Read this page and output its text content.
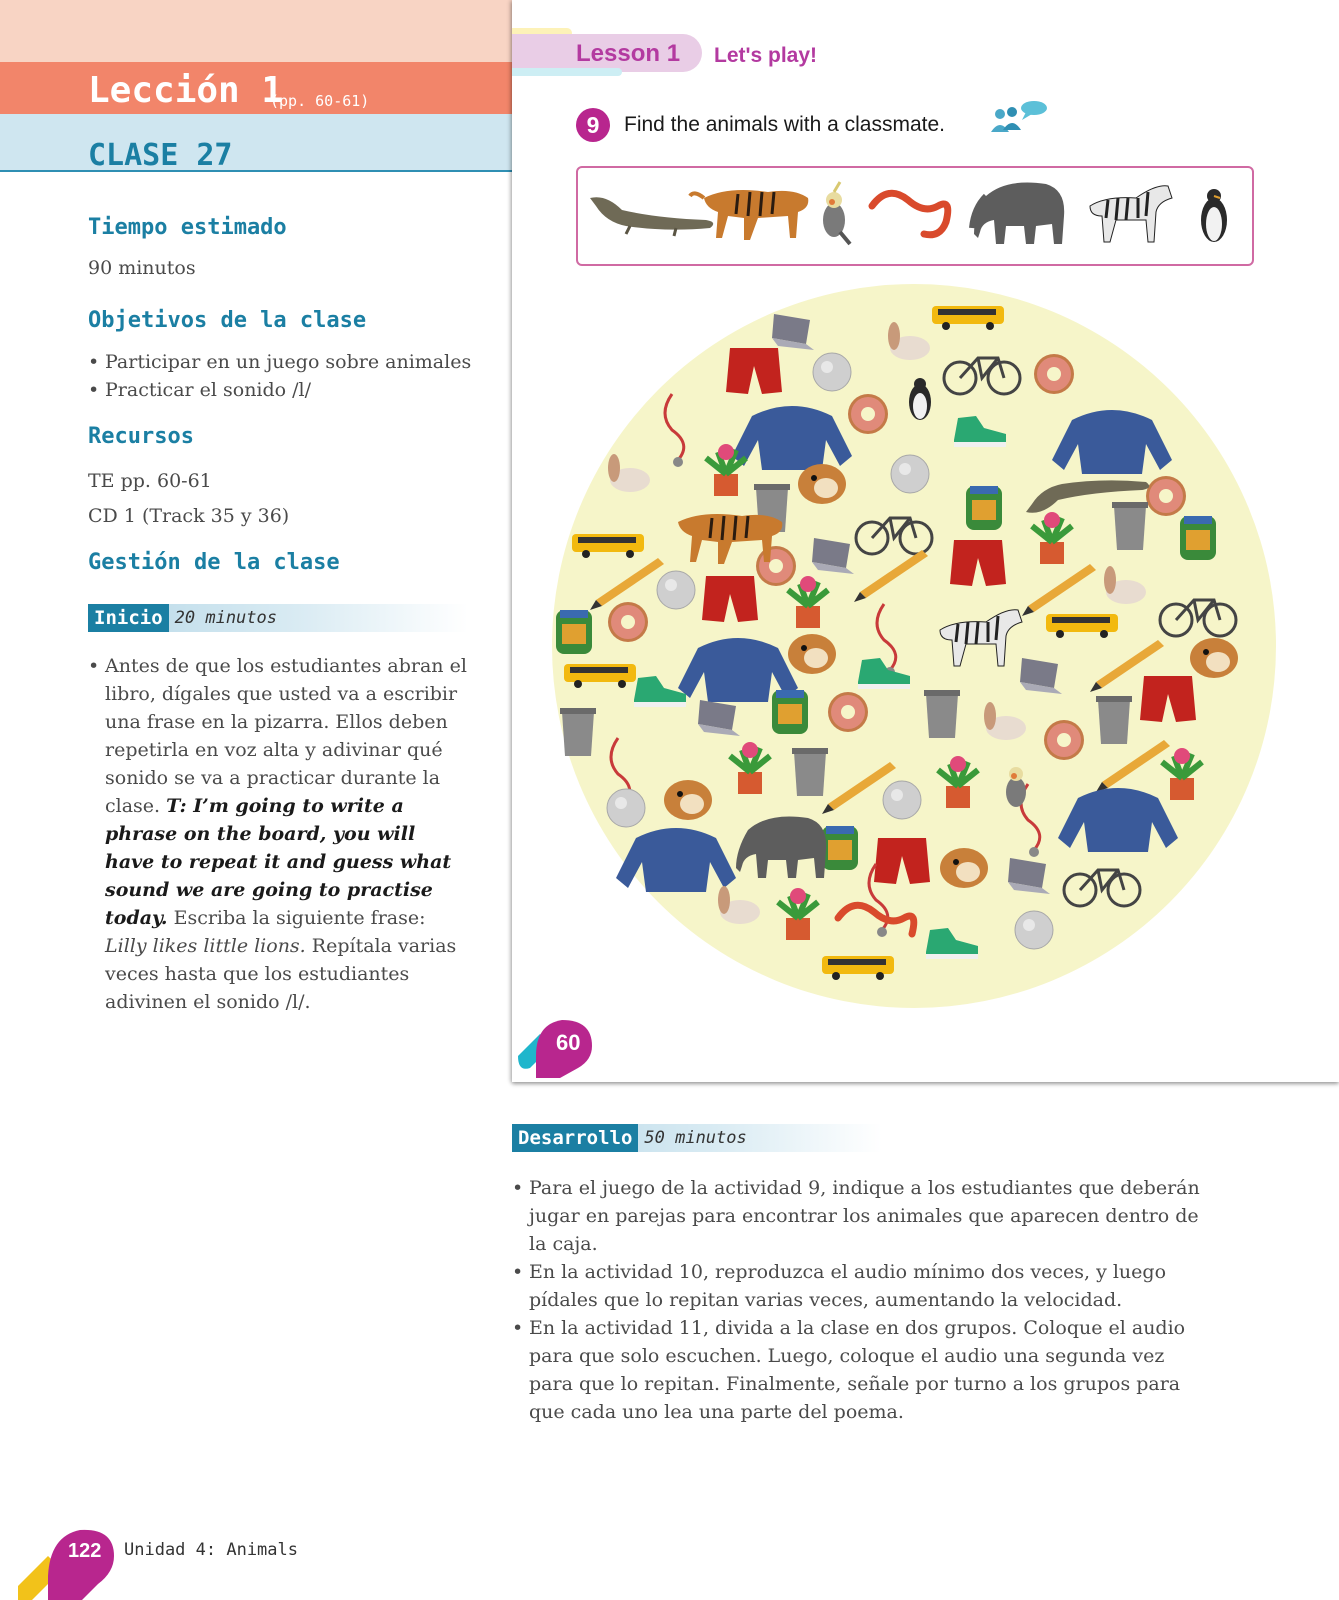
Lección 1
(pp. 60-61)
CLASE 27
Tiempo estimado
90 minutos
Objetivos de la clase
• Participar en un juego sobre animales
• Practicar el sonido /l/
Recursos
TE pp. 60-61
CD 1 (Track 35 y 36)
Gestión de la clase
Inicio 20 minutos
• Antes de que los estudiantes abran el libro, dígales que usted va a escribir una frase en la pizarra. Ellos deben repetirla en voz alta y adivinar qué sonido se va a practicar durante la clase. T: I’m going to write a phrase on the board, you will have to repeat it and guess what sound we are going to practise today. Escriba la siguiente frase: Lilly likes little lions. Repítala varias veces hasta que los estudiantes adivinen el sonido /l/.
Lesson 1 Let's play!
9	Find the animals with a classmate.
60
Desarrollo 50 minutos
• Para el juego de la actividad 9, indique a los estudiantes que deberán jugar en parejas para encontrar los animales que aparecen dentro de la caja.
• En la actividad 10, reproduzca el audio mínimo dos veces, y luego pídales que lo repitan varias veces, aumentando la velocidad.
• En la actividad 11, divida a la clase en dos grupos. Coloque el audio para que solo escuchen. Luego, coloque el audio una segunda vez para que lo repitan. Finalmente, señale por turno a los grupos para que cada uno lea una parte del poema.
122 Unidad 4: Animals
